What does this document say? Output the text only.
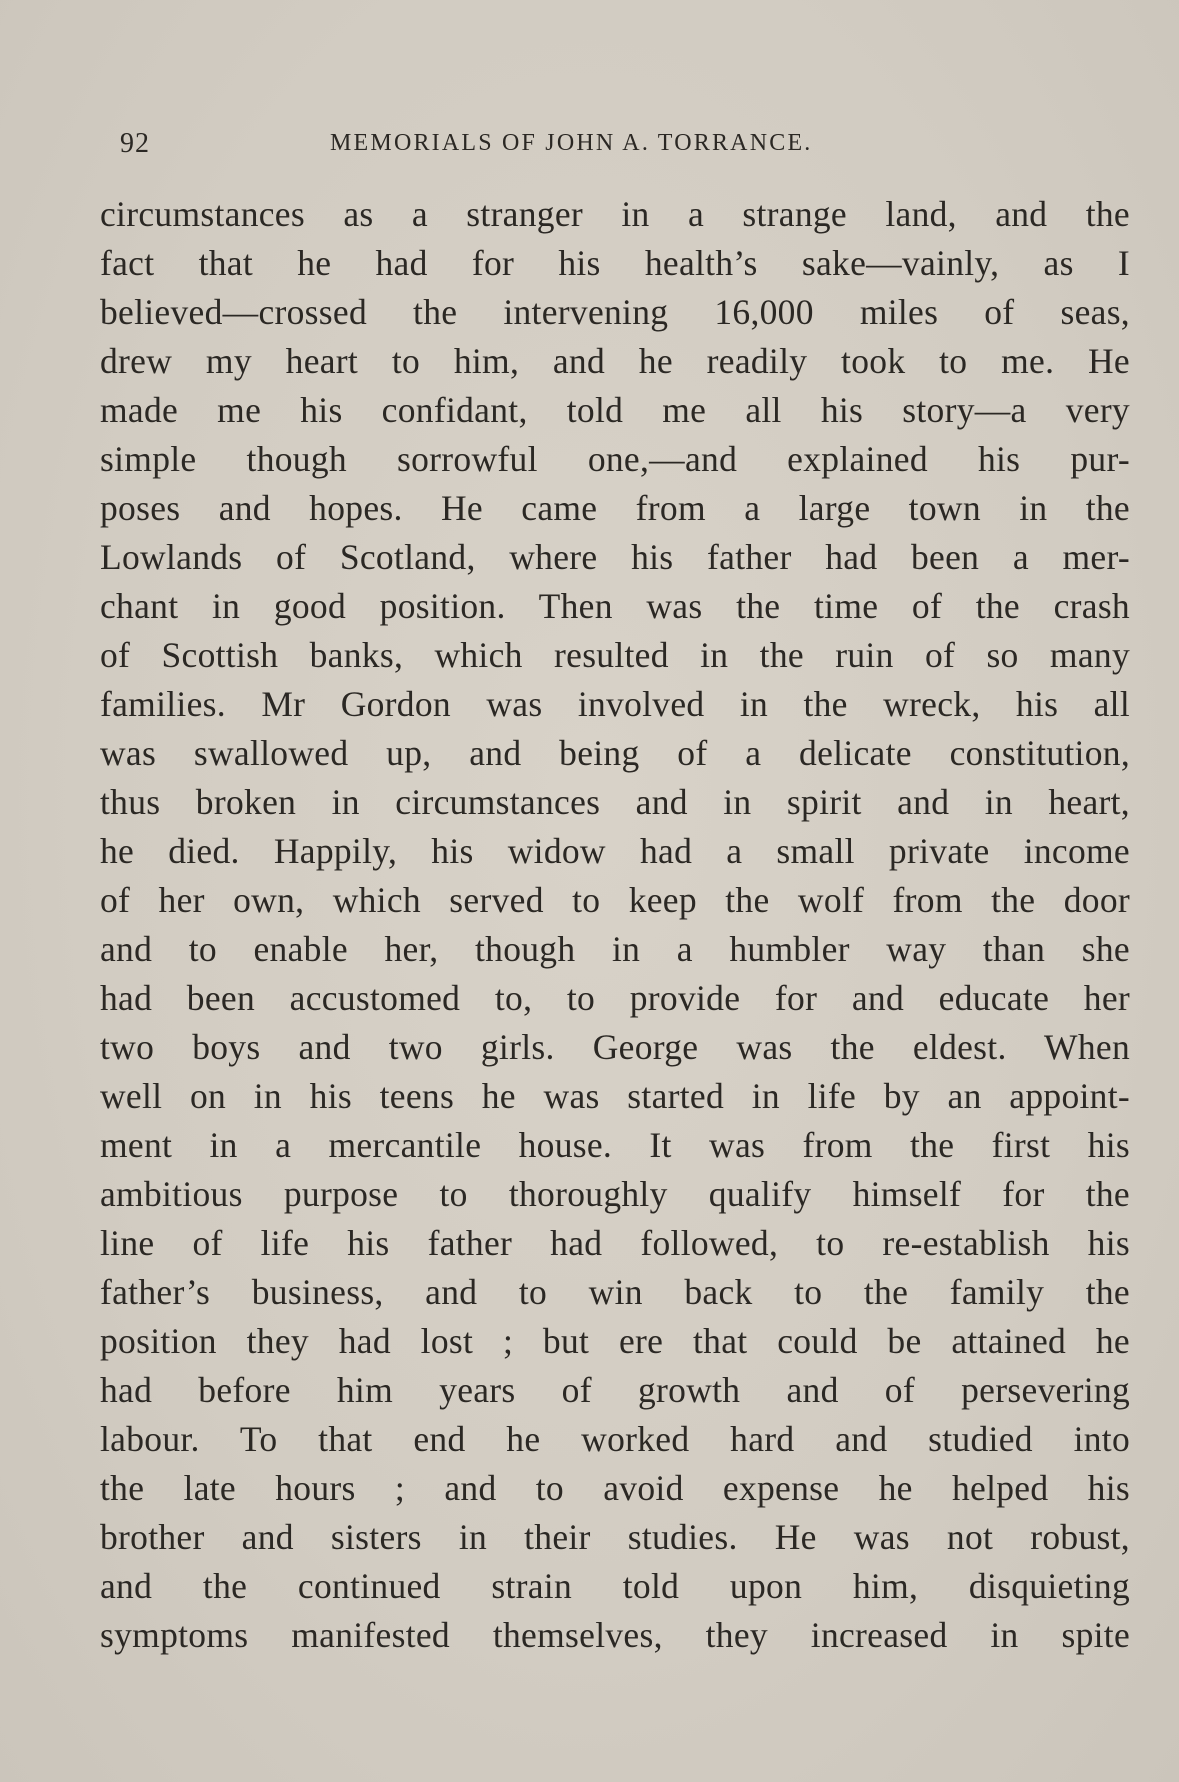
92	MEMORIALS OF JOHN A. TORRANCE.
circumstances as a stranger in a strange land, and the
fact that he had for his health’s sake—vainly, as I
believed—crossed the intervening 16,000 miles of seas,
drew my heart to him, and he readily took to me. He
made me his confidant, told me all his story—a very
simple though sorrowful one,—and explained his pur-
poses and hopes. He came from a large town in the
Lowlands of Scotland, where his father had been a mer-
chant in good position. Then was the time of the crash
of Scottish banks, which resulted in the ruin of so many
families. Mr Gordon was involved in the wreck, his all
was swallowed up, and being of a delicate constitution,
thus broken in circumstances and in spirit and in heart,
he died. Happily, his widow had a small private income
of her own, which served to keep the wolf from the door
and to enable her, though in a humbler way than she
had been accustomed to, to provide for and educate her
two boys and two girls. George was the eldest. When
well on in his teens he was started in life by an appoint-
ment in a mercantile house. It was from the first his
ambitious purpose to thoroughly qualify himself for the
line of life his father had followed, to re-establish his
father’s business, and to win back to the family the
position they had lost ; but ere that could be attained he
had before him years of growth and of persevering
labour. To that end he worked hard and studied into
the late hours ; and to avoid expense he helped his
brother and sisters in their studies. He was not robust,
and the continued strain told upon him, disquieting
symptoms manifested themselves, they increased in spite
